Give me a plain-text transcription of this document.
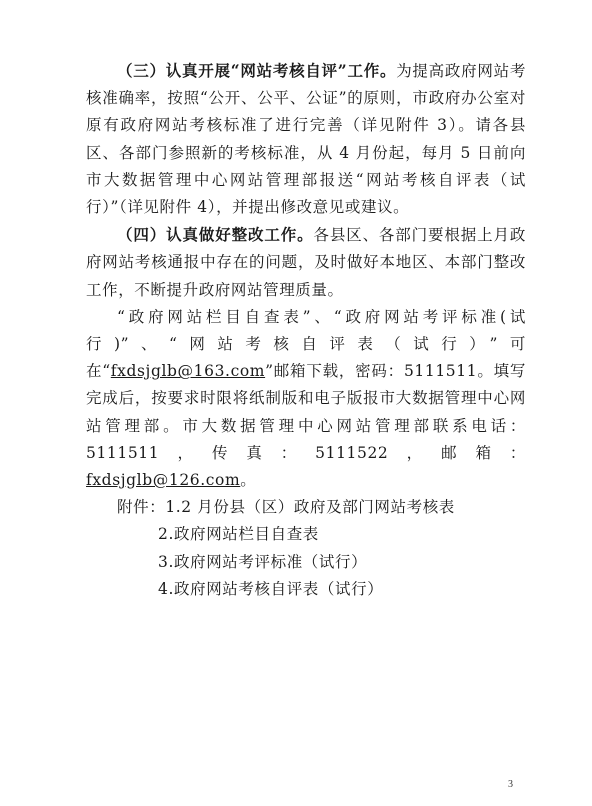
（三）认真开展“网站考核自评”工作。为提高政府网站考核准确率，按照“公开、公平、公证”的原则，市政府办公室对原有政府网站考核标准了进行完善（详见附件 3）。请各县区、各部门参照新的考核标准，从 4 月份起，每月 5 日前向市大数据管理中心网站管理部报送“网站考核自评表（试行）”（详见附件 4），并提出修改意见或建议。

（四）认真做好整改工作。各县区、各部门要根据上月政府网站考核通报中存在的问题，及时做好本地区、本部门整改工作，不断提升政府网站管理质量。

“政府网站栏目自查表”、“政府网站考评标准(试行)”、“网站考核自评表（试行）”可在“fxdsjglb@163.com”邮箱下载，密码：5111511。填写完成后，按要求时限将纸制版和电子版报市大数据管理中心网站管理部。市大数据管理中心网站管理部联系电话：5111511，传真：5111522，邮箱：fxdsjglb@126.com。

附件：1.2 月份县（区）政府及部门网站考核表
2.政府网站栏目自查表
3.政府网站考评标准（试行）
4.政府网站考核自评表（试行）
3
